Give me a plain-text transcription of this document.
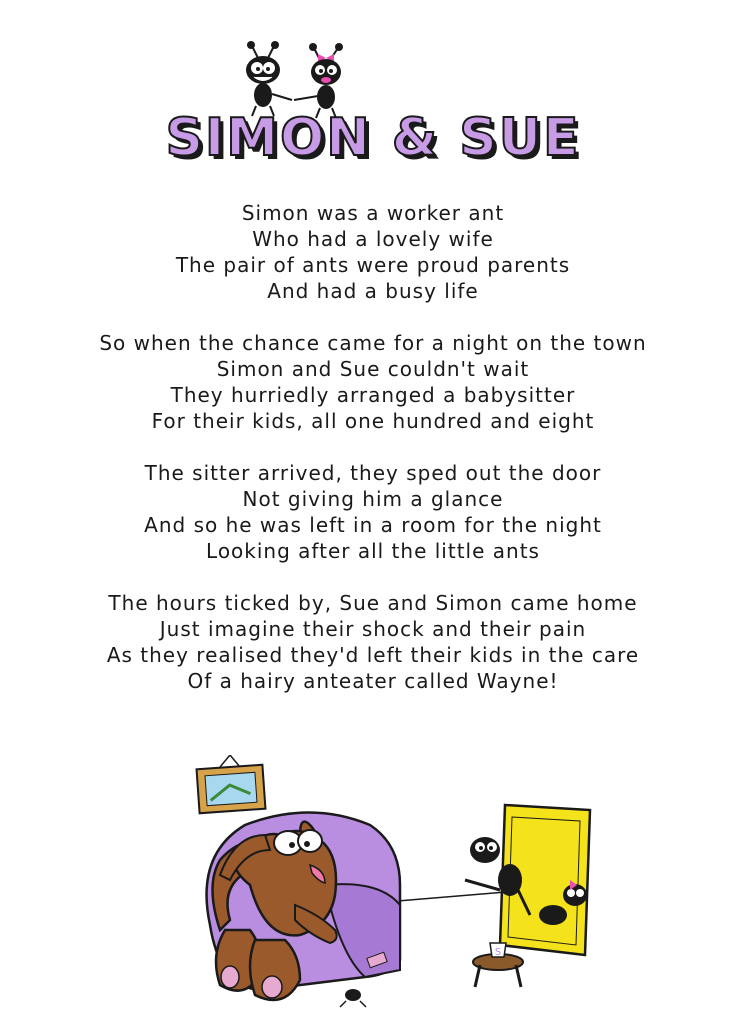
SIMON & SUE
Simon was a worker ant
Who had a lovely wife
The pair of ants were proud parents
And had a busy life
So when the chance came for a night on the town
Simon and Sue couldn't wait
They hurriedly arranged a babysitter
For their kids, all one hundred and eight
The sitter arrived, they sped out the door
Not giving him a glance
And so he was left in a room for the night
Looking after all the little ants
The hours ticked by, Sue and Simon came home
Just imagine their shock and their pain
As they realised they'd left their kids in the care
Of a hairy anteater called Wayne!
S
